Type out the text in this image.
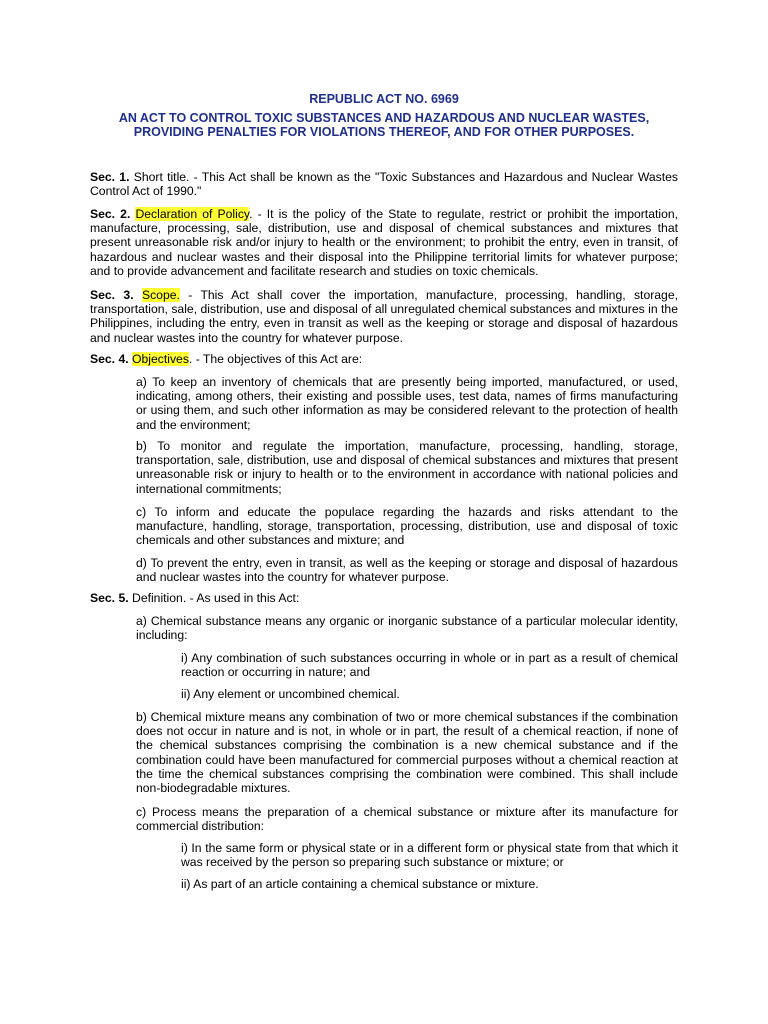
REPUBLIC ACT NO. 6969
AN ACT TO CONTROL TOXIC SUBSTANCES AND HAZARDOUS AND NUCLEAR WASTES,
PROVIDING PENALTIES FOR VIOLATIONS THEREOF, AND FOR OTHER PURPOSES.
Sec. 1. Short title. - This Act shall be known as the "Toxic Substances and Hazardous and Nuclear Wastes Control Act of 1990."
Sec. 2. Declaration of Policy. - It is the policy of the State to regulate, restrict or prohibit the importation, manufacture, processing, sale, distribution, use and disposal of chemical substances and mixtures that present unreasonable risk and/or injury to health or the environment; to prohibit the entry, even in transit, of hazardous and nuclear wastes and their disposal into the Philippine territorial limits for whatever purpose; and to provide advancement and facilitate research and studies on toxic chemicals.
Sec. 3. Scope. - This Act shall cover the importation, manufacture, processing, handling, storage, transportation, sale, distribution, use and disposal of all unregulated chemical substances and mixtures in the Philippines, including the entry, even in transit as well as the keeping or storage and disposal of hazardous and nuclear wastes into the country for whatever purpose.
Sec. 4. Objectives. - The objectives of this Act are:
a) To keep an inventory of chemicals that are presently being imported, manufactured, or used, indicating, among others, their existing and possible uses, test data, names of firms manufacturing or using them, and such other information as may be considered relevant to the protection of health and the environment;
b) To monitor and regulate the importation, manufacture, processing, handling, storage, transportation, sale, distribution, use and disposal of chemical substances and mixtures that present unreasonable risk or injury to health or to the environment in accordance with national policies and international commitments;
c) To inform and educate the populace regarding the hazards and risks attendant to the manufacture, handling, storage, transportation, processing, distribution, use and disposal of toxic chemicals and other substances and mixture; and
d) To prevent the entry, even in transit, as well as the keeping or storage and disposal of hazardous and nuclear wastes into the country for whatever purpose.
Sec. 5. Definition. - As used in this Act:
a) Chemical substance means any organic or inorganic substance of a particular molecular identity, including:
i) Any combination of such substances occurring in whole or in part as a result of chemical reaction or occurring in nature; and
ii) Any element or uncombined chemical.
b) Chemical mixture means any combination of two or more chemical substances if the combination does not occur in nature and is not, in whole or in part, the result of a chemical reaction, if none of the chemical substances comprising the combination is a new chemical substance and if the combination could have been manufactured for commercial purposes without a chemical reaction at the time the chemical substances comprising the combination were combined. This shall include non-biodegradable mixtures.
c) Process means the preparation of a chemical substance or mixture after its manufacture for commercial distribution:
i) In the same form or physical state or in a different form or physical state from that which it was received by the person so preparing such substance or mixture; or
ii) As part of an article containing a chemical substance or mixture.
